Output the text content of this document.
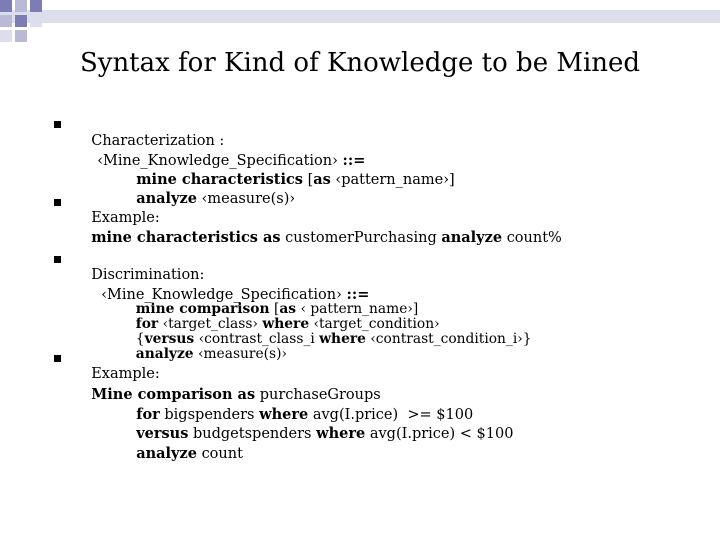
Syntax for Kind of Knowledge to be Mined

Characterization :

‹Mine_Knowledge_Specification› ::=

mine characteristics [as ‹pattern_name›]

analyze ‹measure(s)›

Example:

mine characteristics as customerPurchasing analyze count%

Discrimination:

‹Mine_Knowledge_Specification› ::=

mine comparison [as ‹ pattern_name›]

for ‹target_class› where ‹target_condition›

{versus ‹contrast_class_i where ‹contrast_condition_i›}

analyze ‹measure(s)›

Example:

Mine comparison as purchaseGroups

for bigspenders where avg(I.price)  >= $100

versus budgetspenders where avg(I.price) < $100

analyze count
